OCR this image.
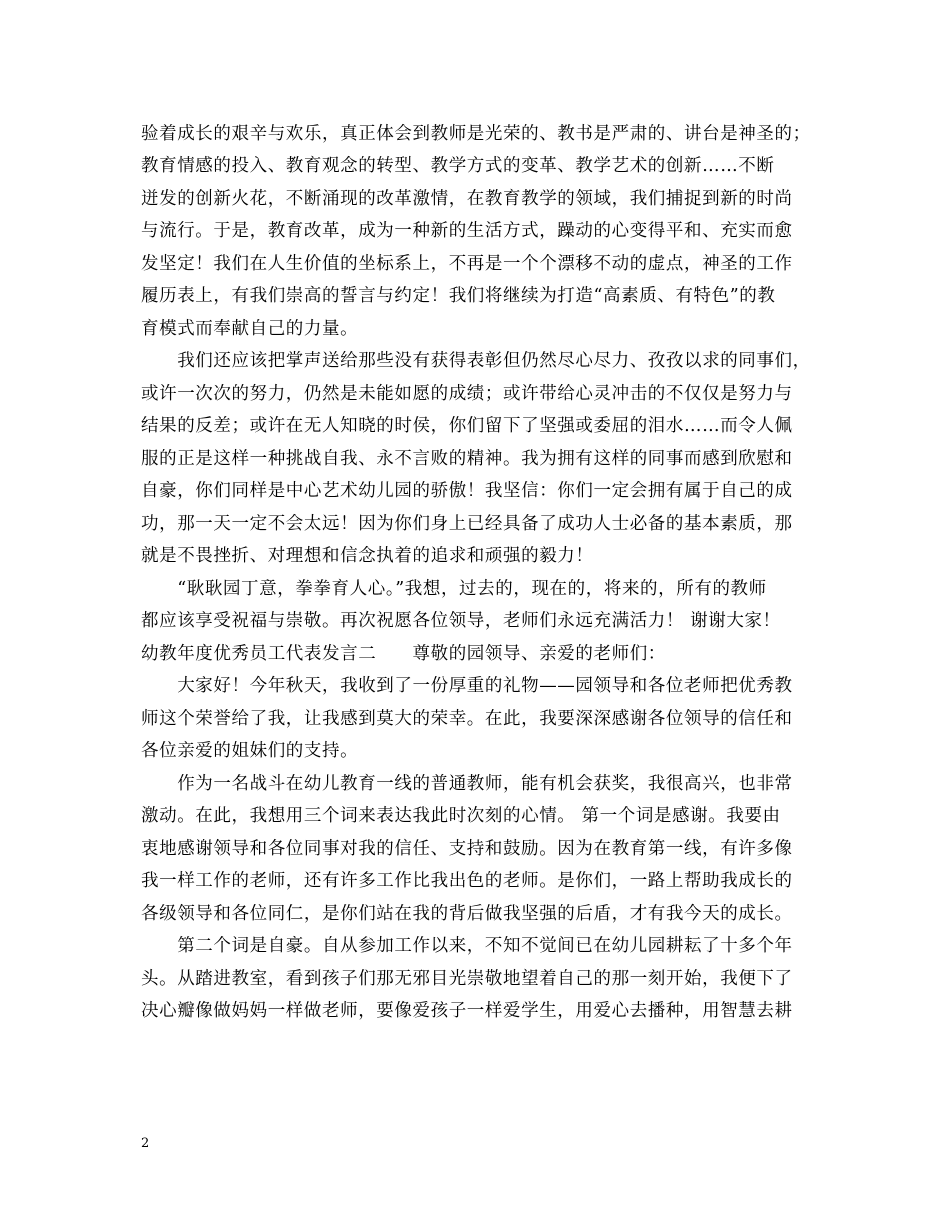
验着成长的艰辛与欢乐，真正体会到教师是光荣的、教书是严肃的、讲台是神圣的；
教育情感的投入、教育观念的转型、教学方式的变革、教学艺术的创新……不断
迸发的创新火花，不断涌现的改革激情，在教育教学的领域，我们捕捉到新的时尚
与流行。于是，教育改革，成为一种新的生活方式，躁动的心变得平和、充实而愈
发坚定！我们在人生价值的坐标系上，不再是一个个漂移不动的虚点，神圣的工作
履历表上，有我们崇高的誓言与约定！我们将继续为打造“高素质、有特色”的教
育模式而奉献自己的力量。
　　我们还应该把掌声送给那些没有获得表彰但仍然尽心尽力、孜孜以求的同事们，
或许一次次的努力，仍然是未能如愿的成绩；或许带给心灵冲击的不仅仅是努力与
结果的反差；或许在无人知晓的时侯，你们留下了坚强或委屈的泪水……而令人佩
服的正是这样一种挑战自我、永不言败的精神。我为拥有这样的同事而感到欣慰和
自豪，你们同样是中心艺术幼儿园的骄傲！我坚信：你们一定会拥有属于自己的成
功，那一天一定不会太远！因为你们身上已经具备了成功人士必备的基本素质，那
就是不畏挫折、对理想和信念执着的追求和顽强的毅力！
　　“耿耿园丁意，拳拳育人心。”我想，过去的，现在的，将来的，所有的教师
都应该享受祝福与崇敬。再次祝愿各位领导，老师们永远充满活力！ 谢谢大家！
幼教年度优秀员工代表发言二　　尊敬的园领导、亲爱的老师们：
　　大家好！今年秋天，我收到了一份厚重的礼物——园领导和各位老师把优秀教
师这个荣誉给了我，让我感到莫大的荣幸。在此，我要深深感谢各位领导的信任和
各位亲爱的姐妹们的支持。
　　作为一名战斗在幼儿教育一线的普通教师，能有机会获奖，我很高兴，也非常
激动。在此，我想用三个词来表达我此时次刻的心情。 第一个词是感谢。我要由
衷地感谢领导和各位同事对我的信任、支持和鼓励。因为在教育第一线，有许多像
我一样工作的老师，还有许多工作比我出色的老师。是你们，一路上帮助我成长的
各级领导和各位同仁，是你们站在我的背后做我坚强的后盾，才有我今天的成长。
　　第二个词是自豪。自从参加工作以来，不知不觉间已在幼儿园耕耘了十多个年
头。从踏进教室，看到孩子们那无邪目光崇敬地望着自己的那一刻开始，我便下了
决心瓣像做妈妈一样做老师，要像爱孩子一样爱学生，用爱心去播种，用智慧去耕
2
